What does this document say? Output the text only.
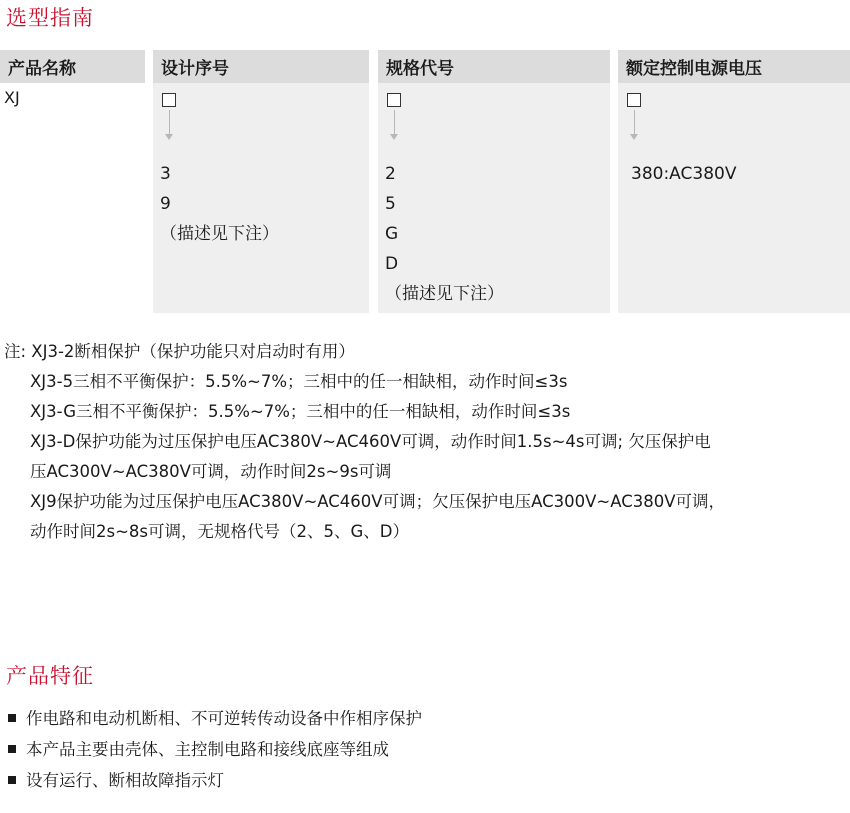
选型指南
产品名称
XJ
设计序号
3
9
（描述见下注）
规格代号
2
5
G
D
（描述见下注）
额定控制电源电压
380:AC380V
注: XJ3-2断相保护（保护功能只对启动时有用）
XJ3-5三相不平衡保护：5.5%~7%；三相中的任一相缺相，动作时间≤3s
XJ3-G三相不平衡保护：5.5%~7%；三相中的任一相缺相，动作时间≤3s
XJ3-D保护功能为过压保护电压AC380V~AC460V可调，动作时间1.5s~4s可调; 欠压保护电
压AC300V~AC380V可调，动作时间2s~9s可调
XJ9保护功能为过压保护电压AC380V~AC460V可调；欠压保护电压AC300V~AC380V可调，
动作时间2s~8s可调，无规格代号（2、5、G、D）
产品特征
作电路和电动机断相、不可逆转传动设备中作相序保护
本产品主要由壳体、主控制电路和接线底座等组成
设有运行、断相故障指示灯
